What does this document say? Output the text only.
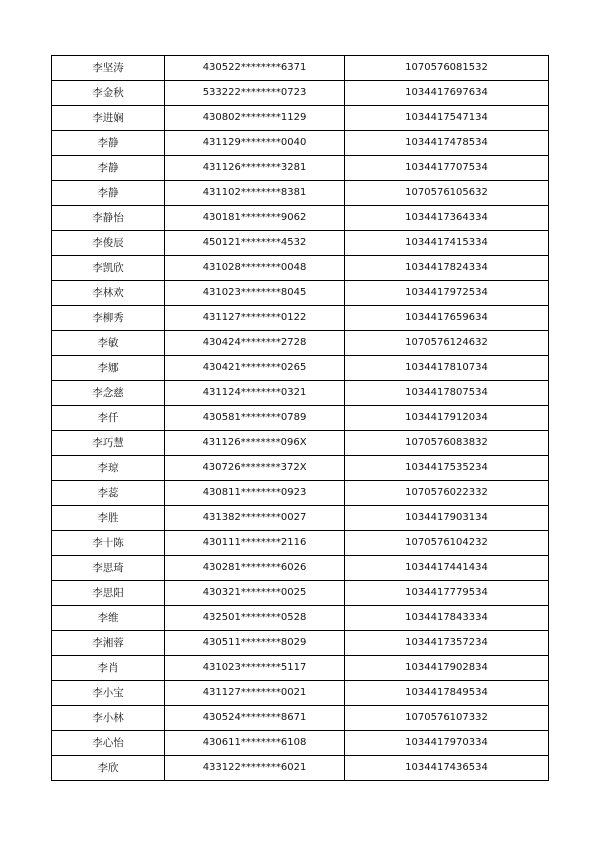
李坚涛	430522********6371	1070576081532
李金秋	533222********0723	1034417697634
李进娴	430802********1129	1034417547134
李静	431129********0040	1034417478534
李静	431126********3281	1034417707534
李静	431102********8381	1070576105632
李静怡	430181********9062	1034417364334
李俊辰	450121********4532	1034417415334
李凯欣	431028********0048	1034417824334
李林欢	431023********8045	1034417972534
李柳秀	431127********0122	1034417659634
李敏	430424********2728	1070576124632
李娜	430421********0265	1034417810734
李念慈	431124********0321	1034417807534
李仟	430581********0789	1034417912034
李巧慧	431126********096X	1070576083832
李琼	430726********372X	1034417535234
李蕊	430811********0923	1070576022332
李胜	431382********0027	1034417903134
李十陈	430111********2116	1070576104232
李思琦	430281********6026	1034417441434
李思阳	430321********0025	1034417779534
李维	432501********0528	1034417843334
李湘蓉	430511********8029	1034417357234
李肖	431023********5117	1034417902834
李小宝	431127********0021	1034417849534
李小林	430524********8671	1070576107332
李心怡	430611********6108	1034417970334
李欣	433122********6021	1034417436534
